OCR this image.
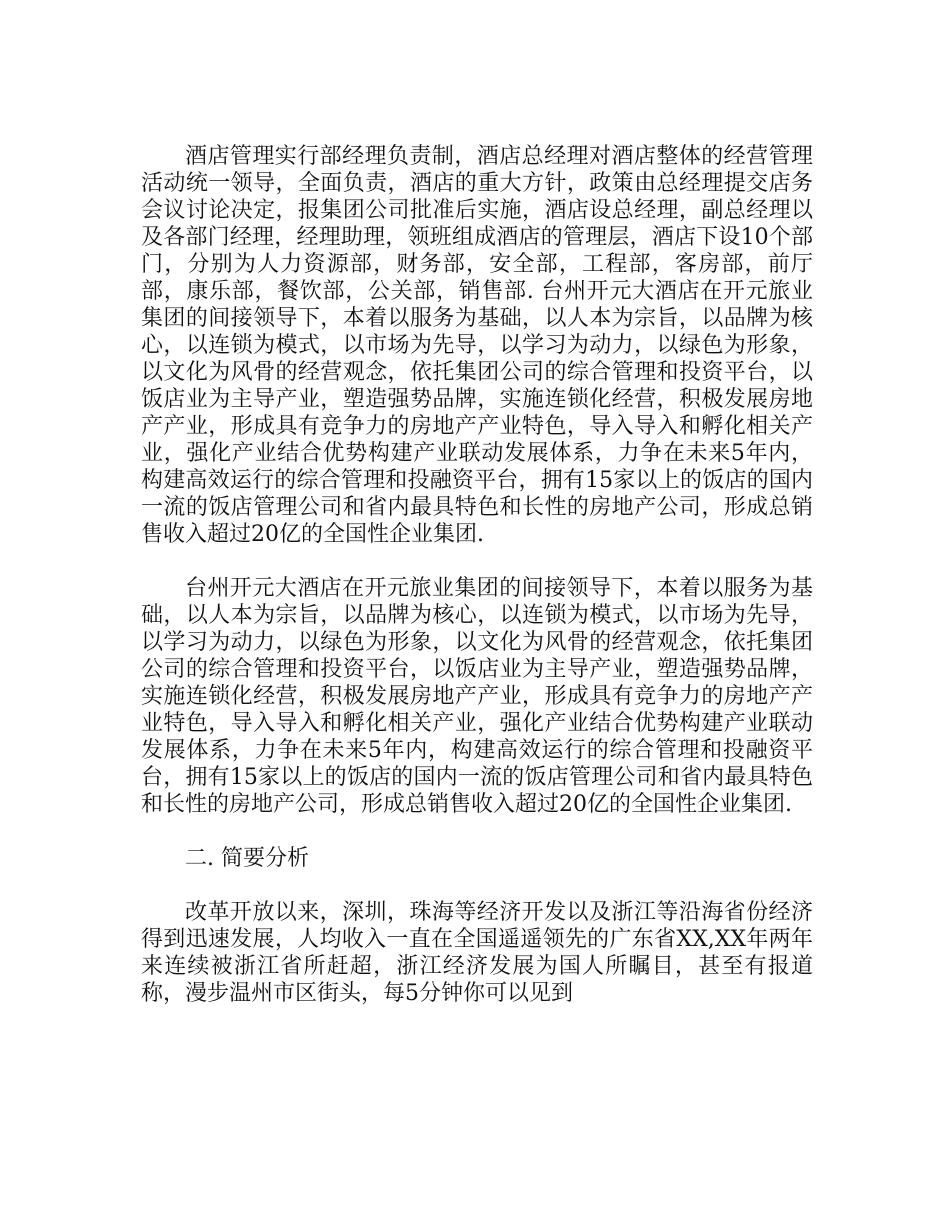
酒店管理实行部经理负责制，酒店总经理对酒店整体的经营管理活动统一领导，全面负责，酒店的重大方针，政策由总经理提交店务会议讨论决定，报集团公司批准后实施，酒店设总经理，副总经理以及各部门经理，经理助理，领班组成酒店的管理层，酒店下设10个部门，分别为人力资源部，财务部，安全部，工程部，客房部，前厅部，康乐部，餐饮部，公关部，销售部. 台州开元大酒店在开元旅业集团的间接领导下，本着以服务为基础，以人本为宗旨，以品牌为核心，以连锁为模式，以市场为先导，以学习为动力，以绿色为形象，以文化为风骨的经营观念，依托集团公司的综合管理和投资平台，以饭店业为主导产业，塑造强势品牌，实施连锁化经营，积极发展房地产产业，形成具有竞争力的房地产产业特色，导入导入和孵化相关产业，强化产业结合优势构建产业联动发展体系，力争在未来5年内，构建高效运行的综合管理和投融资平台，拥有15家以上的饭店的国内一流的饭店管理公司和省内最具特色和长性的房地产公司，形成总销售收入超过20亿的全国性企业集团.

台州开元大酒店在开元旅业集团的间接领导下，本着以服务为基础，以人本为宗旨，以品牌为核心，以连锁为模式，以市场为先导，以学习为动力，以绿色为形象，以文化为风骨的经营观念，依托集团公司的综合管理和投资平台，以饭店业为主导产业，塑造强势品牌，实施连锁化经营，积极发展房地产产业，形成具有竞争力的房地产产业特色，导入导入和孵化相关产业，强化产业结合优势构建产业联动发展体系，力争在未来5年内，构建高效运行的综合管理和投融资平台，拥有15家以上的饭店的国内一流的饭店管理公司和省内最具特色和长性的房地产公司，形成总销售收入超过20亿的全国性企业集团.

二. 简要分析

改革开放以来，深圳，珠海等经济开发以及浙江等沿海省份经济得到迅速发展，人均收入一直在全国遥遥领先的广东省XX,XX年两年来连续被浙江省所赶超，浙江经济发展为国人所瞩目，甚至有报道称，漫步温州市区街头，每5分钟你可以见到
